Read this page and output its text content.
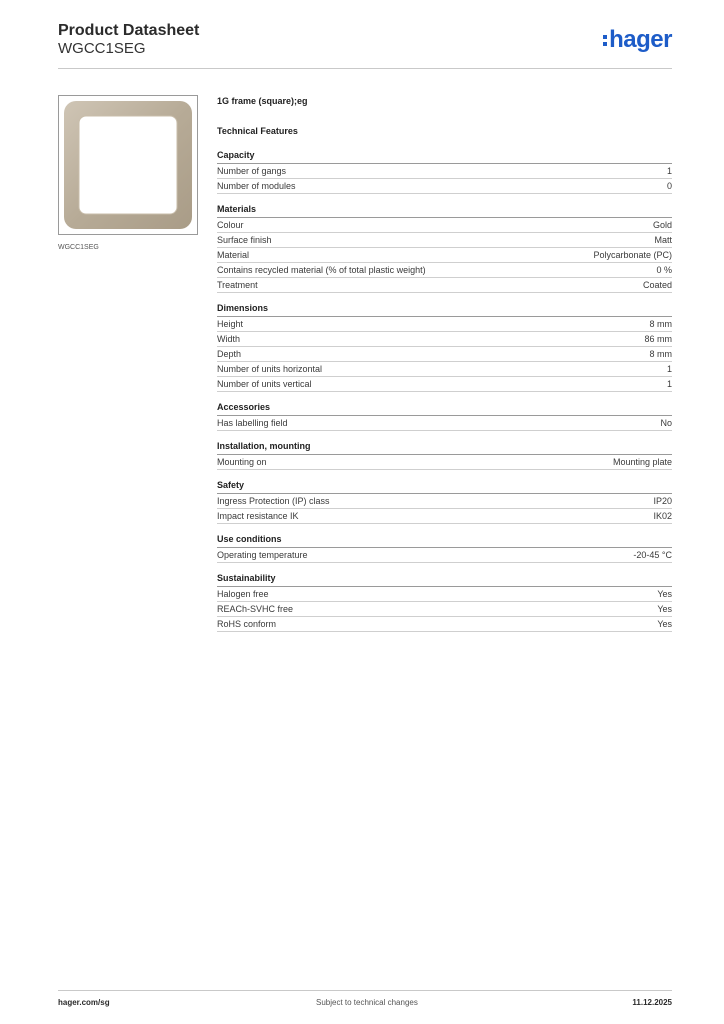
Product Datasheet
WGCC1SEG	hager
WGCC1SEG
1G frame (square);eg
Technical Features
Capacity
Number of gangs	1
Number of modules	0
Materials
Colour	Gold
Surface finish	Matt
Material	Polycarbonate (PC)
Contains recycled material (% of total plastic weight)	0 %
Treatment	Coated
Dimensions
Height	8 mm
Width	86 mm
Depth	8 mm
Number of units horizontal	1
Number of units vertical	1
Accessories
Has labelling field	No
Installation, mounting
Mounting on	Mounting plate
Safety
Ingress Protection (IP) class	IP20
Impact resistance IK	IK02
Use conditions
Operating temperature	-20-45 °C
Sustainability
Halogen free	Yes
REACh-SVHC free	Yes
RoHS conform	Yes
hager.com/sg	Subject to technical changes	11.12.2025
